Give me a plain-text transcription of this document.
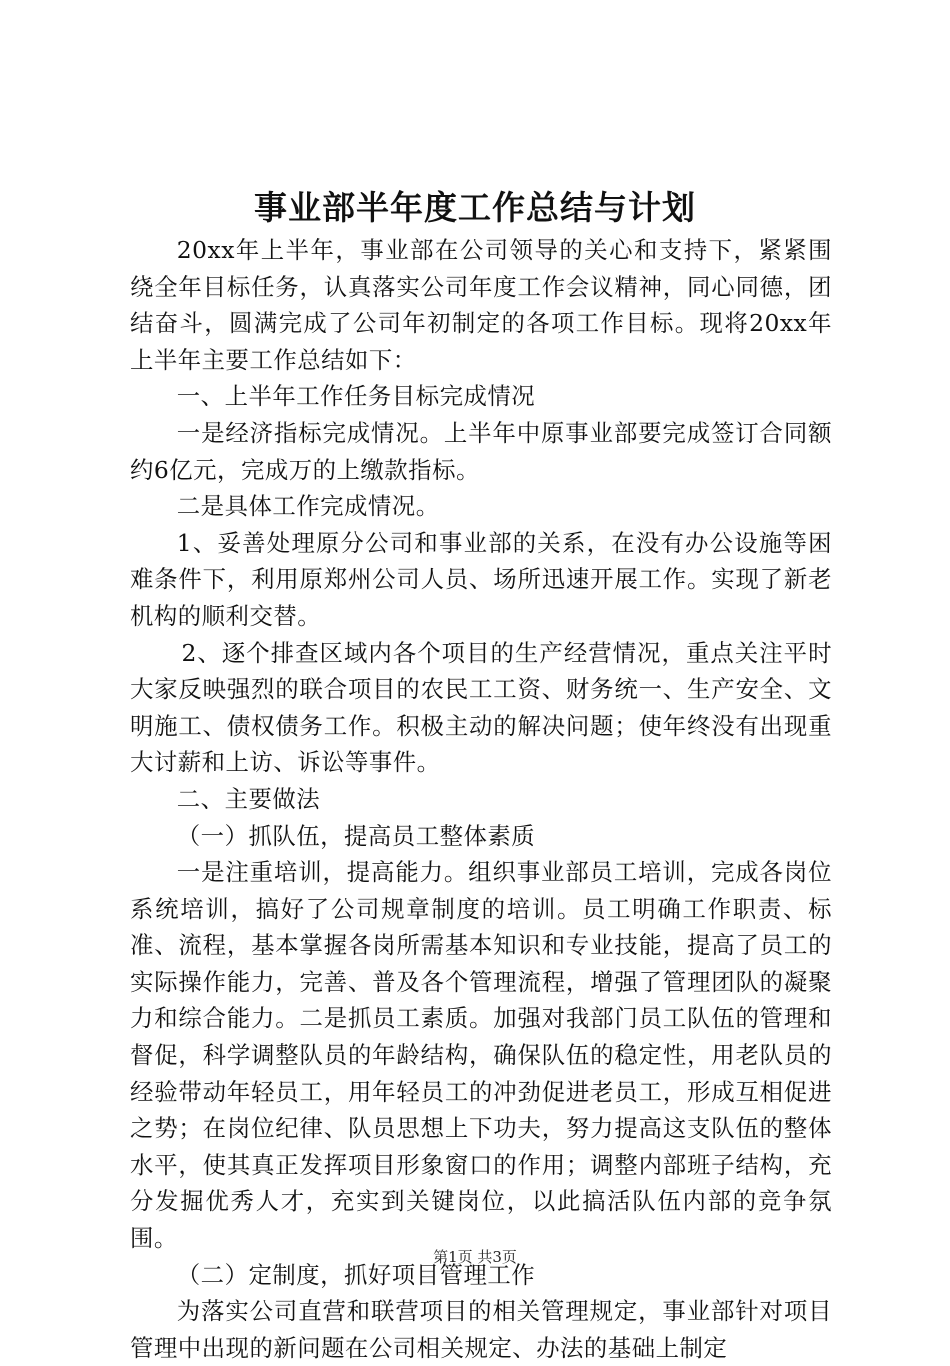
事业部半年度工作总结与计划

20xx年上半年，事业部在公司领导的关心和支持下，紧紧围绕全年目标任务，认真落实公司年度工作会议精神，同心同德，团结奋斗，圆满完成了公司年初制定的各项工作目标。现将20xx年上半年主要工作总结如下：

一、上半年工作任务目标完成情况

一是经济指标完成情况。上半年中原事业部要完成签订合同额约6亿元，完成万的上缴款指标。

二是具体工作完成情况。

1、妥善处理原分公司和事业部的关系，在没有办公设施等困难条件下，利用原郑州公司人员、场所迅速开展工作。实现了新老机构的顺利交替。

2、逐个排查区域内各个项目的生产经营情况，重点关注平时大家反映强烈的联合项目的农民工工资、财务统一、生产安全、文明施工、债权债务工作。积极主动的解决问题；使年终没有出现重大讨薪和上访、诉讼等事件。

二、主要做法

（一）抓队伍，提高员工整体素质

一是注重培训，提高能力。组织事业部员工培训，完成各岗位系统培训，搞好了公司规章制度的培训。员工明确工作职责、标准、流程，基本掌握各岗所需基本知识和专业技能，提高了员工的实际操作能力，完善、普及各个管理流程，增强了管理团队的凝聚力和综合能力。二是抓员工素质。加强对我部门员工队伍的管理和督促，科学调整队员的年龄结构，确保队伍的稳定性，用老队员的经验带动年轻员工，用年轻员工的冲劲促进老员工，形成互相促进之势；在岗位纪律、队员思想上下功夫，努力提高这支队伍的整体水平，使其真正发挥项目形象窗口的作用；调整内部班子结构，充分发掘优秀人才，充实到关键岗位，以此搞活队伍内部的竞争氛围。

（二）定制度，抓好项目管理工作

为落实公司直营和联营项目的相关管理规定，事业部针对项目管理中出现的新问题在公司相关规定、办法的基础上制定

第1页 共3页
